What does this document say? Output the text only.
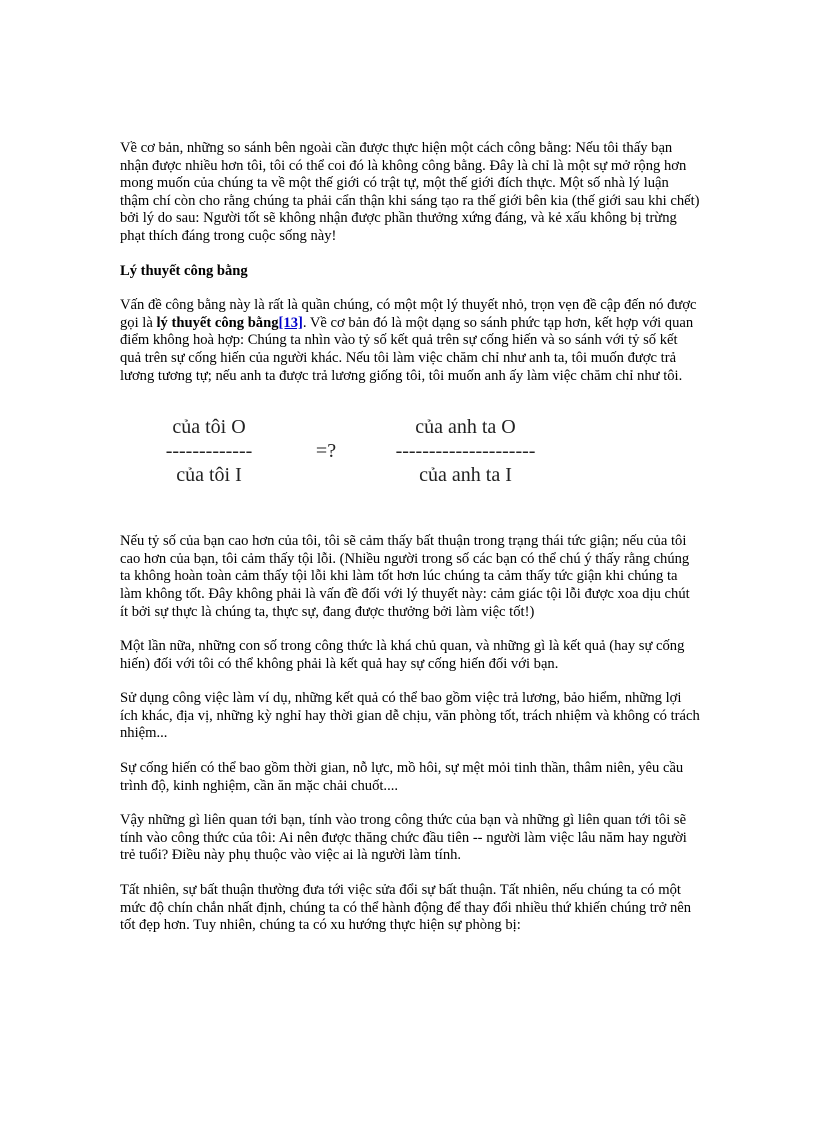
Về cơ bản, những so sánh bên ngoài cần được thực hiện một cách công bằng: Nếu tôi thấy bạn nhận được nhiều hơn tôi, tôi có thể coi đó là không công bằng. Đây là chỉ là một sự mở rộng hơn mong muốn của chúng ta về một thế giới có trật tự, một thế giới đích thực. Một số nhà lý luận thậm chí còn cho rằng chúng ta phải cẩn thận khi sáng tạo ra thế giới bên kia (thế giới sau khi chết) bởi lý do sau: Người tốt sẽ không nhận được phần thưởng xứng đáng, và kẻ xấu không bị trừng phạt thích đáng trong cuộc sống này!

Lý thuyết công bằng

Vấn đề công bằng này là rất là quần chúng, có một một lý thuyết nhỏ, trọn vẹn đề cập đến nó được gọi là lý thuyết công bằng[13]. Về cơ bản đó là một dạng so sánh phức tạp hơn, kết hợp với quan điểm không hoà hợp: Chúng ta nhìn vào tỷ số kết quả trên sự cống hiến và so sánh với tỷ số kết quả trên sự cống hiến của người khác. Nếu tôi làm việc chăm chỉ như anh ta, tôi muốn được trả lương tương tự; nếu anh ta được trả lương giống tôi, tôi muốn anh ấy làm việc chăm chỉ như tôi.

của tôi O
-------------
của tôi I
=?
của anh ta O
---------------------
của anh ta I

Nếu tỷ số của bạn cao hơn của tôi, tôi sẽ cảm thấy bất thuận trong trạng thái tức giận; nếu của tôi cao hơn của bạn, tôi cảm thấy tội lỗi. (Nhiều người trong số các bạn có thể chú ý thấy rằng chúng ta không hoàn toàn cảm thấy tội lỗi khi làm tốt hơn lúc chúng ta cảm thấy tức giận khi chúng ta làm không tốt. Đây không phải là vấn đề đối với lý thuyết này: cảm giác tội lỗi được xoa dịu chút ít bởi sự thực là chúng ta, thực sự, đang được thưởng bởi làm việc tốt!)

Một lần nữa, những con số trong công thức là khá chủ quan, và những gì là kết quả (hay sự cống hiến) đối với tôi có thể không phải là kết quả hay sự cống hiến đối với bạn.

Sử dụng công việc làm ví dụ, những kết quả có thể bao gồm việc trả lương, bảo hiểm, những lợi ích khác, địa vị, những kỳ nghỉ hay thời gian dễ chịu, văn phòng tốt, trách nhiệm và không có trách nhiệm...

Sự cống hiến có thể bao gồm thời gian, nỗ lực, mồ hôi, sự mệt mỏi tinh thần, thâm niên, yêu cầu trình độ, kinh nghiệm, cần ăn mặc chải chuốt....

Vậy những gì liên quan tới bạn, tính vào trong công thức của bạn và những gì liên quan tới tôi sẽ tính vào công thức của tôi: Ai nên được thăng chức đầu tiên -- người làm việc lâu năm hay người trẻ tuổi? Điều này phụ thuộc vào việc ai là người làm tính.

Tất nhiên, sự bất thuận thường đưa tới việc sửa đổi sự bất thuận. Tất nhiên, nếu chúng ta có một mức độ chín chắn nhất định, chúng ta có thể hành động để thay đổi nhiều thứ khiến chúng trở nên tốt đẹp hơn. Tuy nhiên, chúng ta có xu hướng thực hiện sự phòng bị:
